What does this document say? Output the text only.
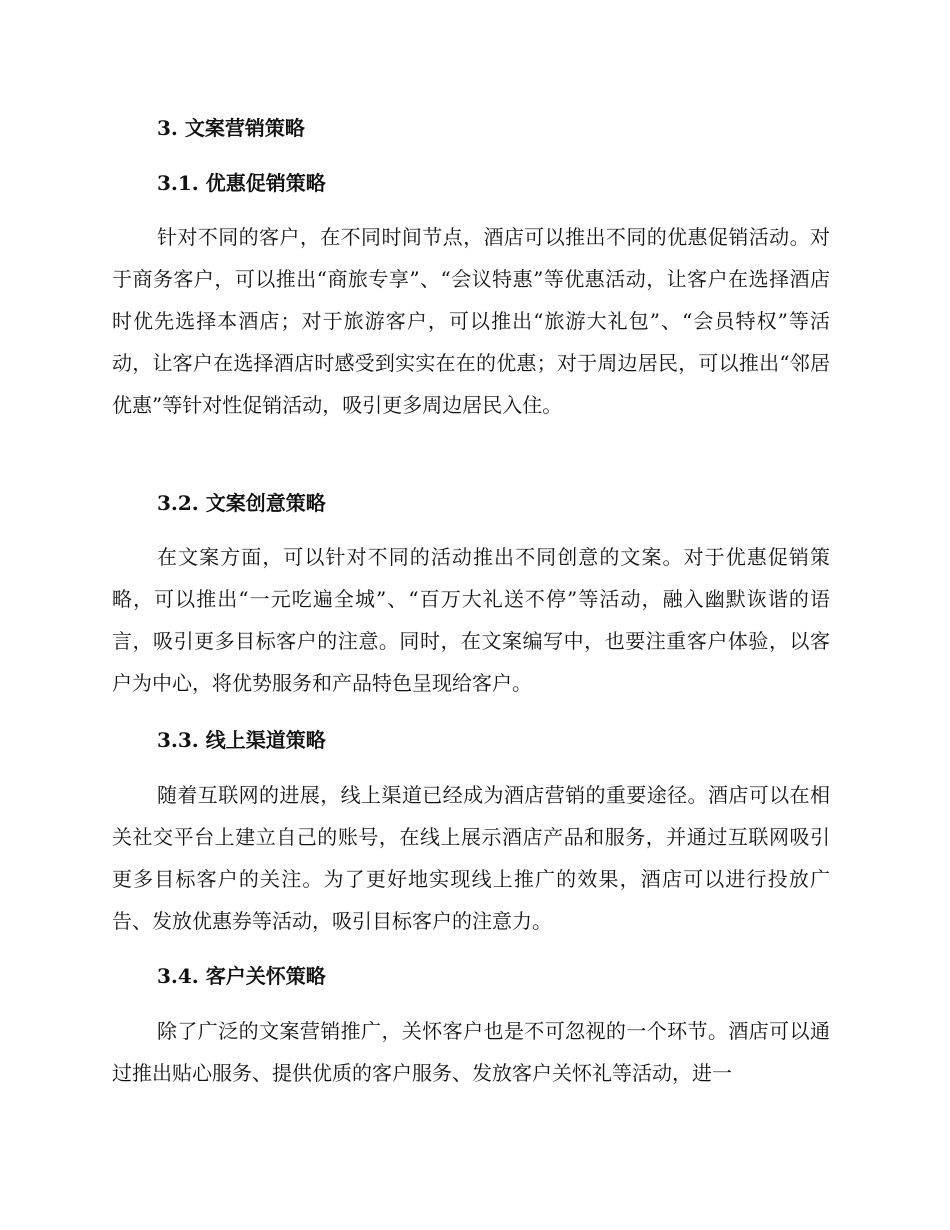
3. 文案营销策略
3.1. 优惠促销策略

针对不同的客户，在不同时间节点，酒店可以推出不同的优惠促销活动。对于商务客户，可以推出“商旅专享”、“会议特惠”等优惠活动，让客户在选择酒店时优先选择本酒店；对于旅游客户，可以推出“旅游大礼包”、“会员特权”等活动，让客户在选择酒店时感受到实实在在的优惠；对于周边居民，可以推出“邻居优惠”等针对性促销活动，吸引更多周边居民入住。

3.2. 文案创意策略

在文案方面，可以针对不同的活动推出不同创意的文案。对于优惠促销策略，可以推出“一元吃遍全城”、“百万大礼送不停”等活动，融入幽默诙谐的语言，吸引更多目标客户的注意。同时，在文案编写中，也要注重客户体验，以客户为中心，将优势服务和产品特色呈现给客户。

3.3. 线上渠道策略

随着互联网的进展，线上渠道已经成为酒店营销的重要途径。酒店可以在相关社交平台上建立自己的账号，在线上展示酒店产品和服务，并通过互联网吸引更多目标客户的关注。为了更好地实现线上推广的效果，酒店可以进行投放广告、发放优惠券等活动，吸引目标客户的注意力。

3.4. 客户关怀策略

除了广泛的文案营销推广，关怀客户也是不可忽视的一个环节。酒店可以通过推出贴心服务、提供优质的客户服务、发放客户关怀礼等活动，进一
